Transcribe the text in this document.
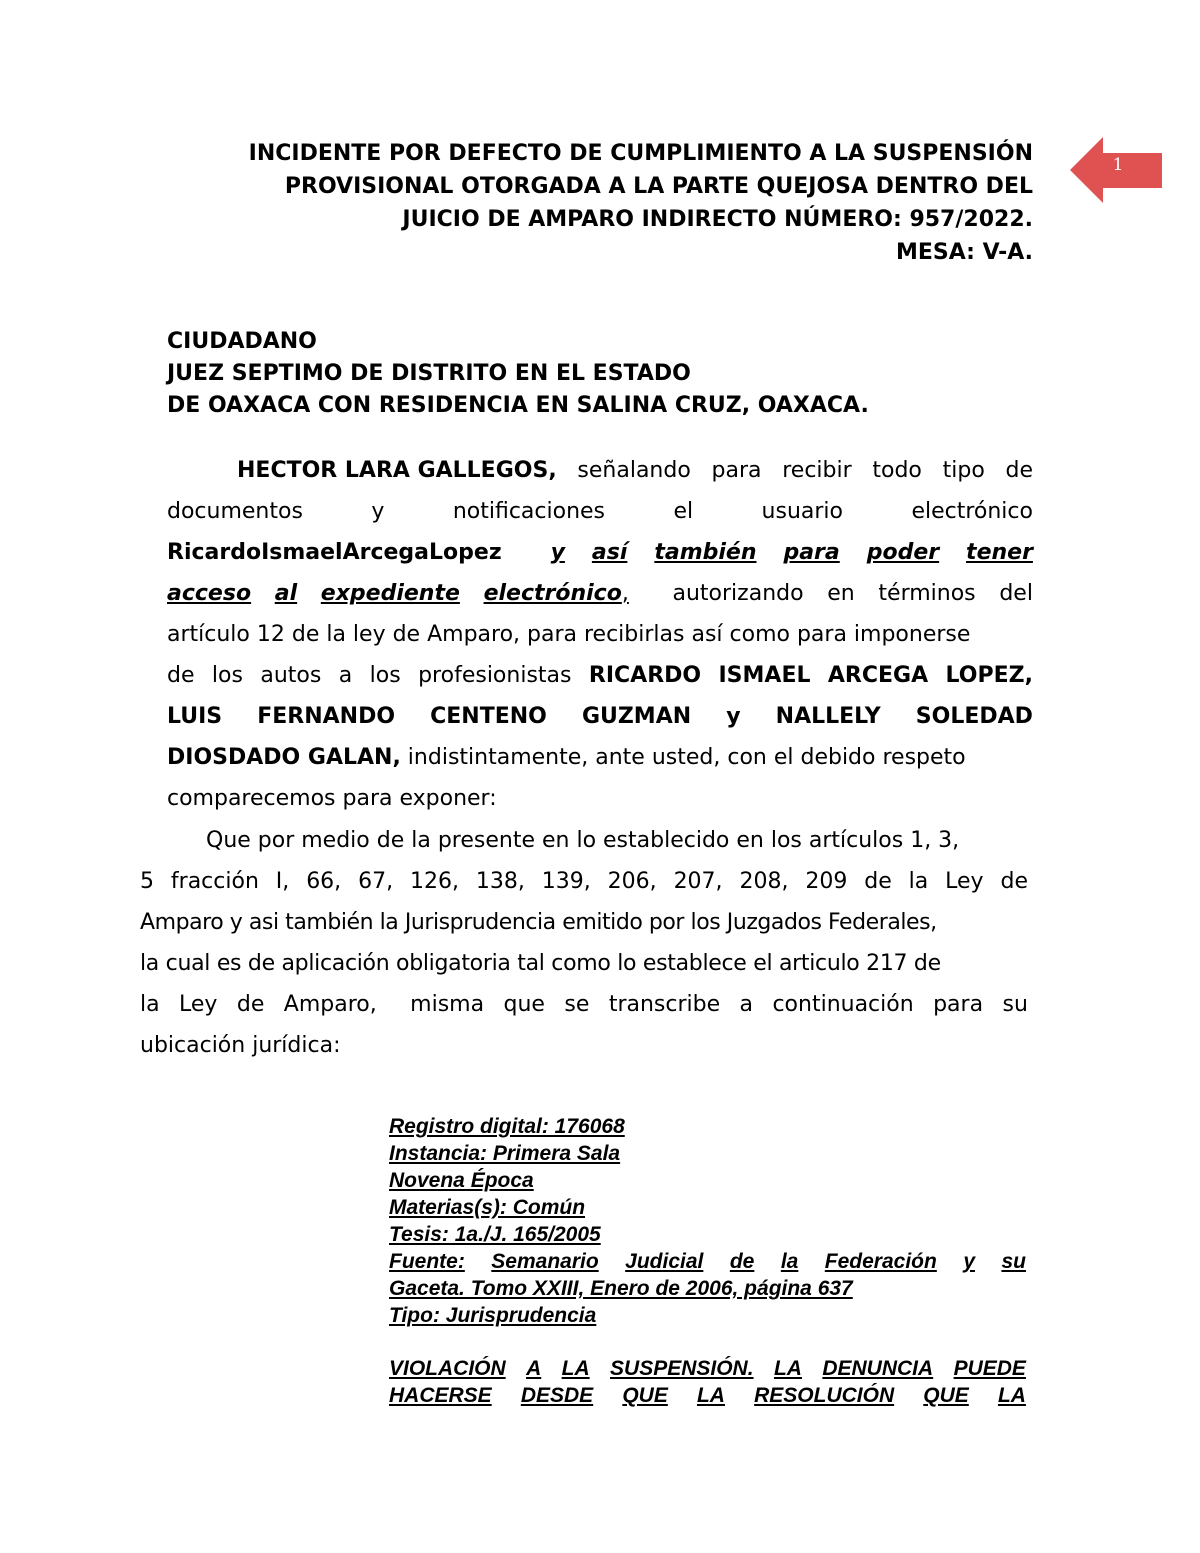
1
INCIDENTE POR DEFECTO DE CUMPLIMIENTO A LA SUSPENSIÓN
PROVISIONAL OTORGADA A LA PARTE QUEJOSA DENTRO DEL
JUICIO DE AMPARO INDIRECTO NÚMERO: 957/2022.
MESA: V-A.
CIUDADANO
JUEZ SEPTIMO DE DISTRITO EN EL ESTADO
DE OAXACA CON RESIDENCIA EN SALINA CRUZ, OAXACA.
HECTOR LARA GALLEGOS, señalando para recibir todo tipo de
documentos	y	notificaciones	el	usuario	electrónico
RicardoIsmaelArcegaLopez y así también para poder tener
acceso al expediente electrónico, autorizando en términos del
artículo 12 de la ley de Amparo, para recibirlas así como para imponerse
de los autos a los profesionistas RICARDO ISMAEL ARCEGA LOPEZ,
LUIS FERNANDO CENTENO GUZMAN y NALLELY SOLEDAD
DIOSDADO GALAN, indistintamente, ante usted, con el debido respeto
comparecemos para exponer:
Que por medio de la presente en lo establecido en los artículos 1, 3,
5 fracción I, 66, 67, 126, 138, 139, 206, 207, 208, 209 de la Ley de
Amparo y asi también la Jurisprudencia emitido por los Juzgados Federales,
la cual es de aplicación obligatoria tal como lo establece el articulo 217 de
la Ley de Amparo, misma que se transcribe a continuación para su
ubicación jurídica:
Registro digital: 176068
Instancia: Primera Sala
Novena Época
Materias(s): Común
Tesis: 1a./J. 165/2005
Fuente: Semanario Judicial de la Federación y su
Gaceta. Tomo XXIII, Enero de 2006, página 637
Tipo: Jurisprudencia
VIOLACIÓN A LA SUSPENSIÓN. LA DENUNCIA PUEDE
HACERSE DESDE QUE LA RESOLUCIÓN QUE LA
